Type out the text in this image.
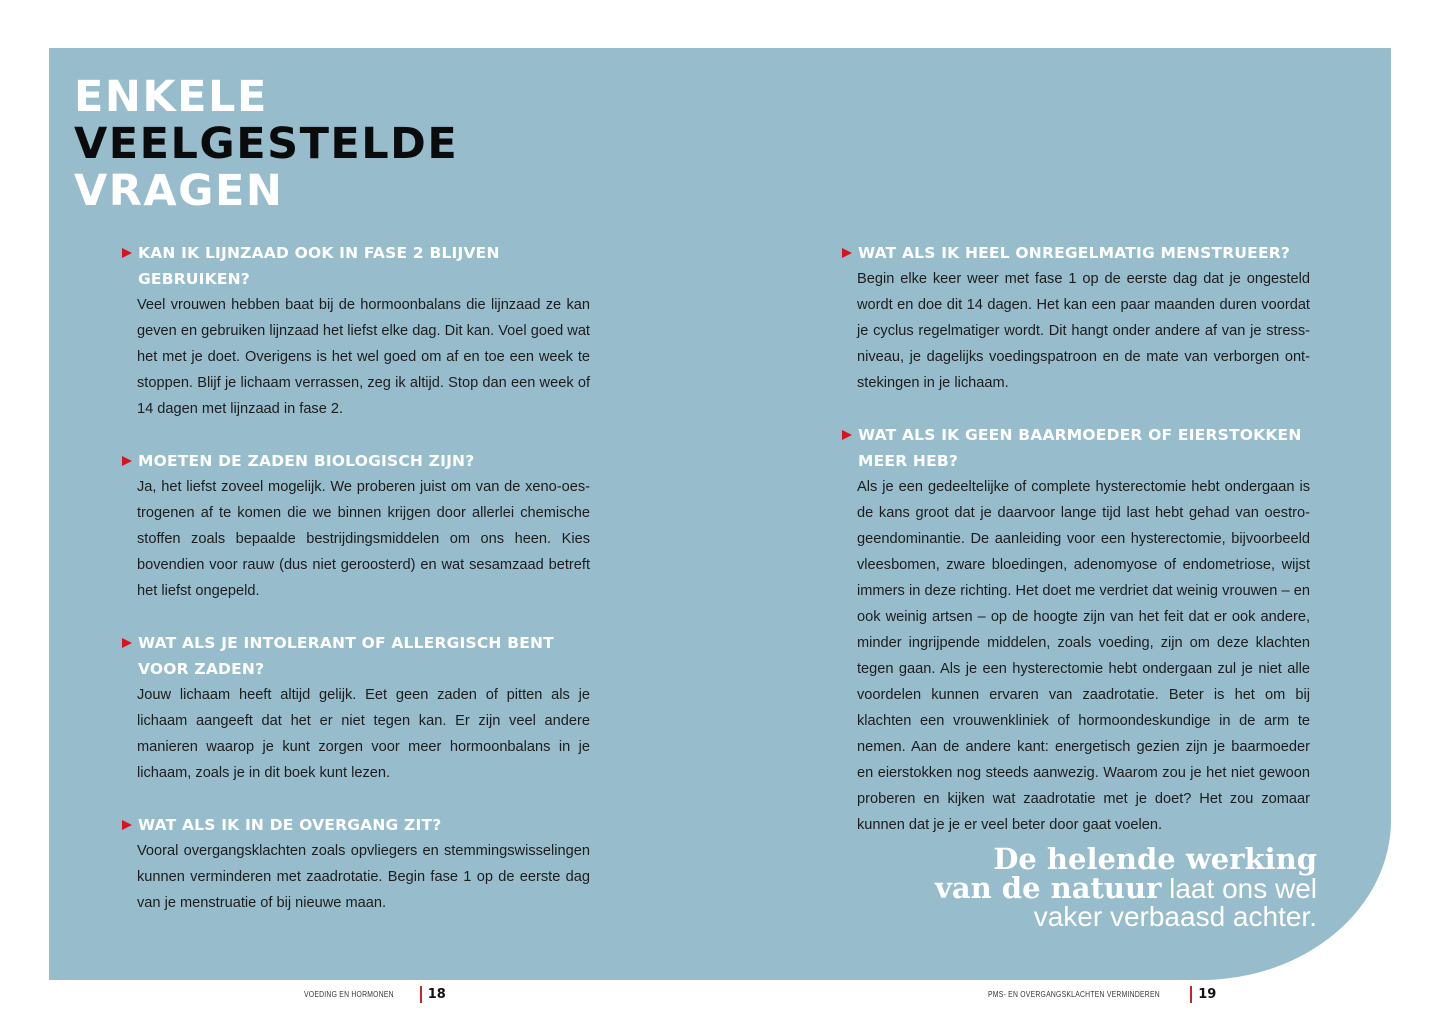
ENKELE
VEELGESTELDE
VRAGEN
KAN IK LIJNZAAD OOK IN FASE 2 BLIJVEN GEBRUIKEN?
Veel vrouwen hebben baat bij de hormoonbalans die lijnzaad ze kan geven en gebruiken lijnzaad het liefst elke dag. Dit kan. Voel goed wat het met je doet. Overigens is het wel goed om af en toe een week te stoppen. Blijf je lichaam verrassen, zeg ik altijd. Stop dan een week of 14 dagen met lijnzaad in fase 2.
MOETEN DE ZADEN BIOLOGISCH ZIJN?
Ja, het liefst zoveel mogelijk. We proberen juist om van de xeno-oestrogenen af te komen die we binnen krijgen door allerlei chemische stoffen zoals bepaalde bestrijdingsmiddelen om ons heen. Kies bovendien voor rauw (dus niet geroosterd) en wat sesamzaad betreft het liefst ongepeld.
WAT ALS JE INTOLERANT OF ALLERGISCH BENT VOOR ZADEN?
Jouw lichaam heeft altijd gelijk. Eet geen zaden of pitten als je lichaam aangeeft dat het er niet tegen kan. Er zijn veel andere manieren waarop je kunt zorgen voor meer hormoonbalans in je lichaam, zoals je in dit boek kunt lezen.
WAT ALS IK IN DE OVERGANG ZIT?
Vooral overgangsklachten zoals opvliegers en stemmingswisselingen kunnen verminderen met zaadrotatie. Begin fase 1 op de eerste dag van je menstruatie of bij nieuwe maan.
WAT ALS IK HEEL ONREGELMATIG MENSTRUEER?
Begin elke keer weer met fase 1 op de eerste dag dat je ongesteld wordt en doe dit 14 dagen. Het kan een paar maanden duren voordat je cyclus regelmatiger wordt. Dit hangt onder andere af van je stressniveau, je dagelijks voedingspatroon en de mate van verborgen ontstekingen in je lichaam.
WAT ALS IK GEEN BAARMOEDER OF EIERSTOKKEN MEER HEB?
Als je een gedeeltelijke of complete hysterectomie hebt ondergaan is de kans groot dat je daarvoor lange tijd last hebt gehad van oestrogeendominantie. De aanleiding voor een hysterectomie, bijvoorbeeld vleesbomen, zware bloedingen, adenomyose of endometriose, wijst immers in deze richting. Het doet me verdriet dat weinig vrouwen – en ook weinig artsen – op de hoogte zijn van het feit dat er ook andere, minder ingrijpende middelen, zoals voeding, zijn om deze klachten tegen gaan. Als je een hysterectomie hebt ondergaan zul je niet alle voordelen kunnen ervaren van zaadrotatie. Beter is het om bij klachten een vrouwenkliniek of hormoondeskundige in de arm te nemen. Aan de andere kant: energetisch gezien zijn je baarmoeder en eierstokken nog steeds aanwezig. Waarom zou je het niet gewoon proberen en kijken wat zaadrotatie met je doet? Het zou zomaar kunnen dat je je er veel beter door gaat voelen.
De helende werking
van de natuur laat ons wel
vaker verbaasd achter.
VOEDING EN HORMONEN	18	PMS- EN OVERGANGSKLACHTEN VERMINDEREN	19
